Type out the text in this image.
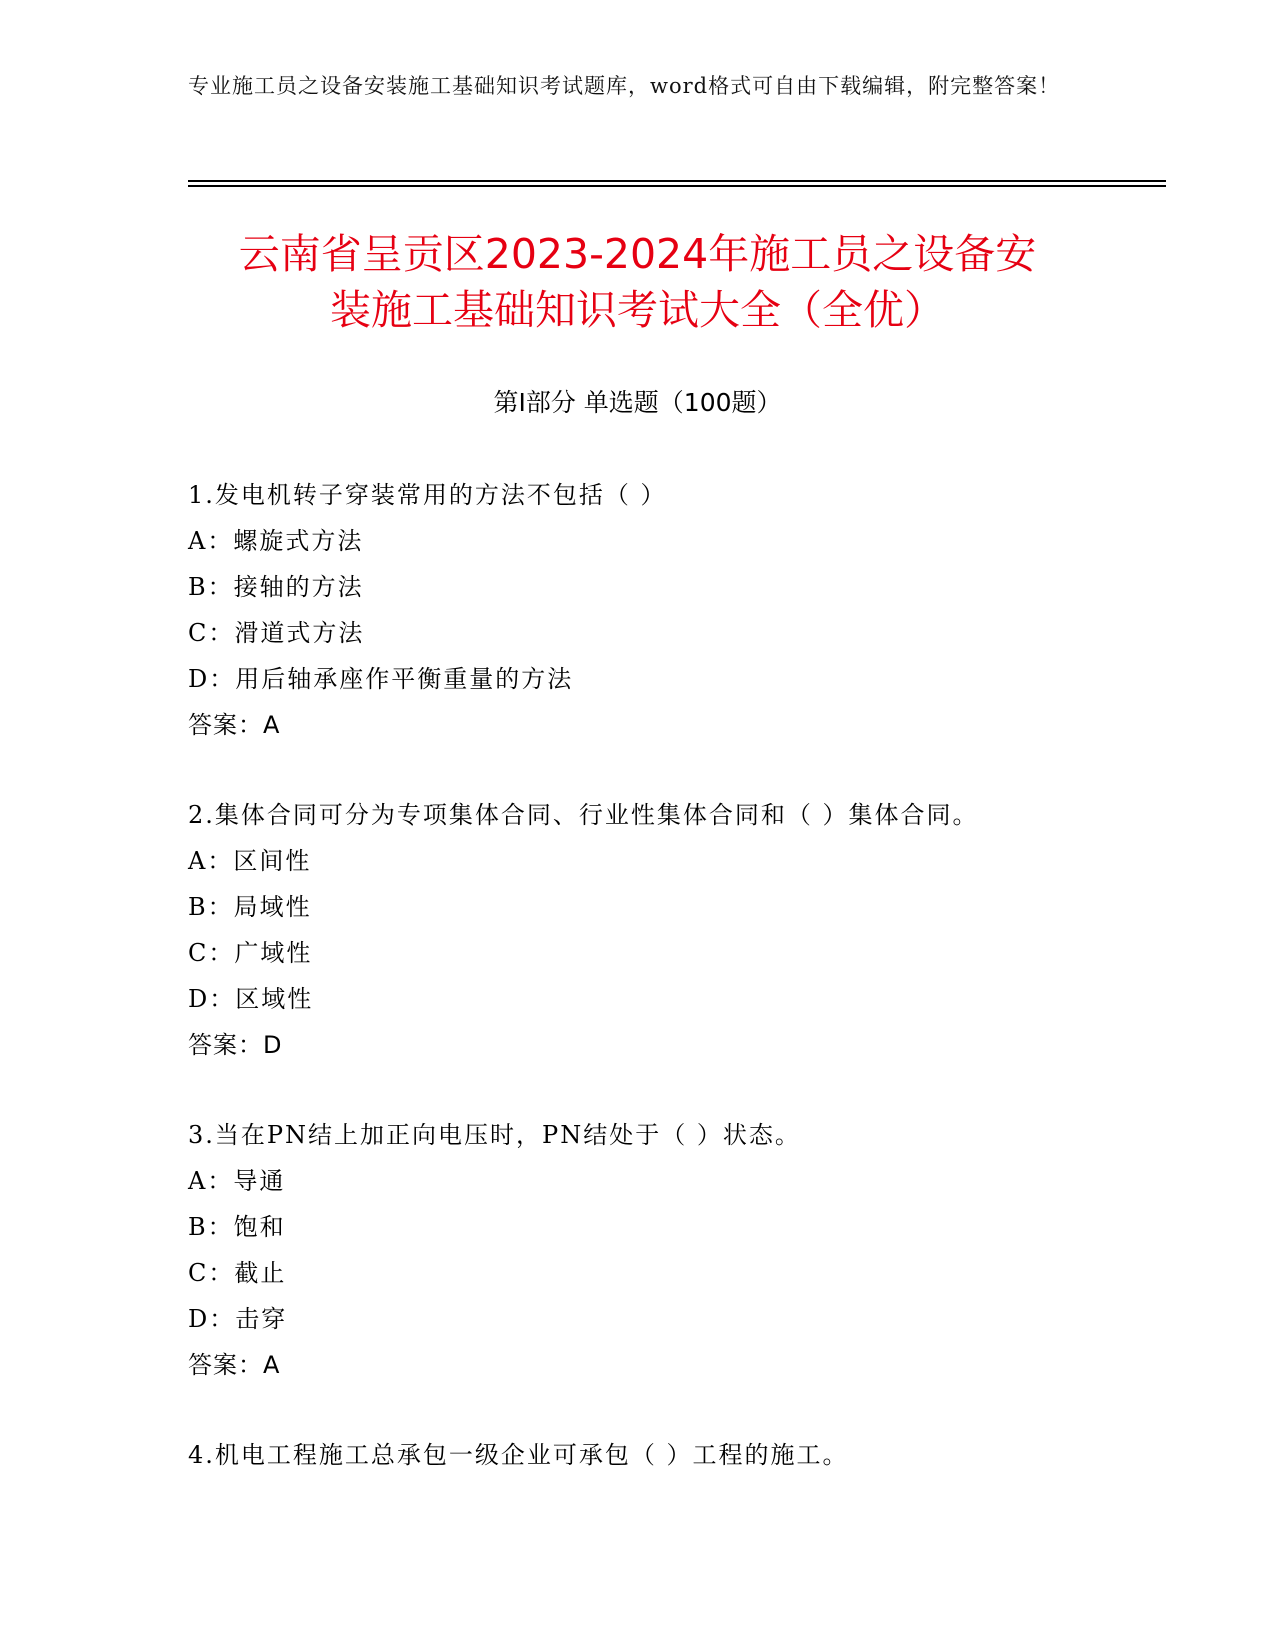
专业施工员之设备安装施工基础知识考试题库，word格式可自由下载编辑，附完整答案！
云南省呈贡区2023-2024年施工员之设备安
装施工基础知识考试大全（全优）
第Ⅰ部分 单选题（100题）
1.发电机转子穿装常用的方法不包括（ ）
A：螺旋式方法
B：接轴的方法
C：滑道式方法
D：用后轴承座作平衡重量的方法
答案：A
2.集体合同可分为专项集体合同、行业性集体合同和（ ）集体合同。
A：区间性
B：局域性
C：广域性
D：区域性
答案：D
3.当在PN结上加正向电压时，PN结处于（ ）状态。
A：导通
B：饱和
C：截止
D：击穿
答案：A
4.机电工程施工总承包一级企业可承包（ ）工程的施工。
